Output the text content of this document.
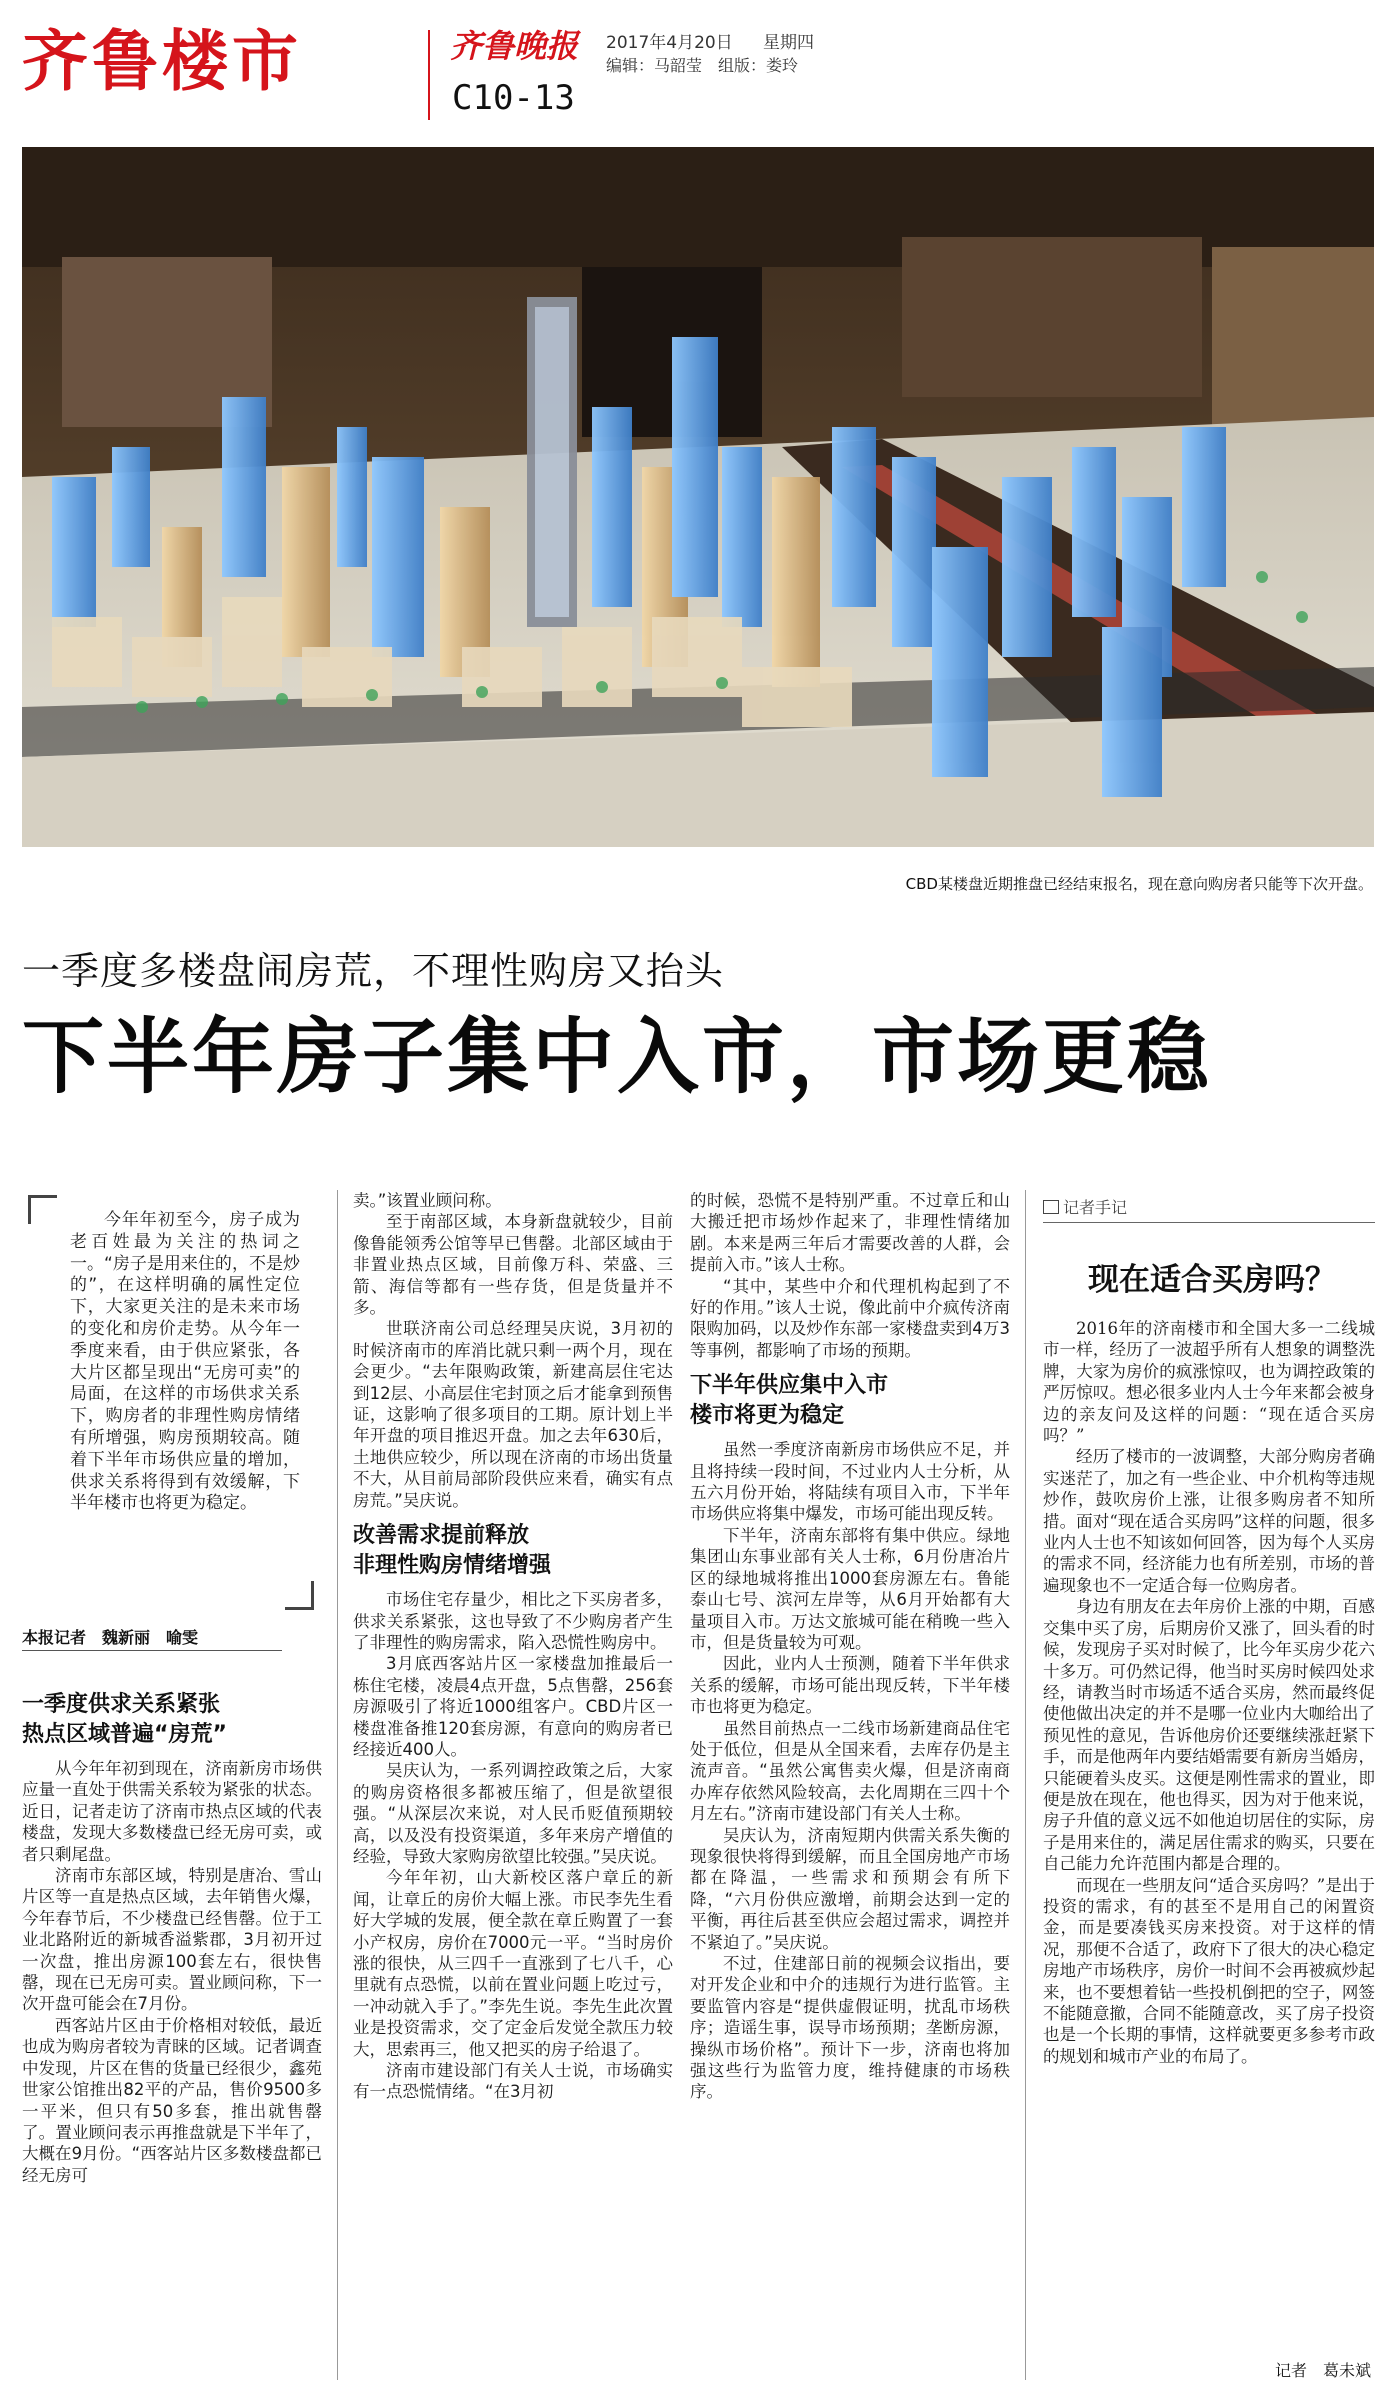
齐鲁楼市	齐鲁晚报 2017年4月20日 星期四
编辑：马韶莹　组版：娄玲
C10-13
CBD某楼盘近期推盘已经结束报名，现在意向购房者只能等下次开盘。
一季度多楼盘闹房荒，不理性购房又抬头
下半年房子集中入市，市场更稳

今年年初至今，房子成为老百姓最为关注的热词之一。“房子是用来住的，不是炒的”，在这样明确的属性定位下，大家更关注的是未来市场的变化和房价走势。从今年一季度来看，由于供应紧张，各大片区都呈现出“无房可卖”的局面，在这样的市场供求关系下，购房者的非理性购房情绪有所增强，购房预期较高。随着下半年市场供应量的增加，供求关系将得到有效缓解，下半年楼市也将更为稳定。

本报记者　魏新丽　喻雯
一季度供求关系紧张
热点区域普遍“房荒”

从今年年初到现在，济南新房市场供应量一直处于供需关系较为紧张的状态。近日，记者走访了济南市热点区域的代表楼盘，发现大多数楼盘已经无房可卖，或者只剩尾盘。

济南市东部区域，特别是唐冶、雪山片区等一直是热点区域，去年销售火爆，今年春节后，不少楼盘已经售罄。位于工业北路附近的新城香溢紫郡，3月初开过一次盘，推出房源100套左右，很快售罄，现在已无房可卖。置业顾问称，下一次开盘可能会在7月份。

西客站片区由于价格相对较低，最近也成为购房者较为青睐的区域。记者调查中发现，片区在售的货量已经很少，鑫苑世家公馆推出82平的产品，售价9500多一平米，但只有50多套，推出就售罄了。置业顾问表示再推盘就是下半年了，大概在9月份。“西客站片区多数楼盘都已经无房可

卖。”该置业顾问称。

至于南部区域，本身新盘就较少，目前像鲁能领秀公馆等早已售罄。北部区域由于非置业热点区域，目前像万科、荣盛、三箭、海信等都有一些存货，但是货量并不多。

世联济南公司总经理吴庆说，3月初的时候济南市的库消比就只剩一两个月，现在会更少。“去年限购政策，新建高层住宅达到12层、小高层住宅封顶之后才能拿到预售证，这影响了很多项目的工期。原计划上半年开盘的项目推迟开盘。加之去年630后，土地供应较少，所以现在济南的市场出货量不大，从目前局部阶段供应来看，确实有点房荒。”吴庆说。

改善需求提前释放
非理性购房情绪增强

市场住宅存量少，相比之下买房者多，供求关系紧张，这也导致了不少购房者产生了非理性的购房需求，陷入恐慌性购房中。

3月底西客站片区一家楼盘加推最后一栋住宅楼，凌晨4点开盘，5点售罄，256套房源吸引了将近1000组客户。CBD片区一楼盘准备推120套房源，有意向的购房者已经接近400人。

吴庆认为，一系列调控政策之后，大家的购房资格很多都被压缩了，但是欲望很强。“从深层次来说，对人民币贬值预期较高，以及没有投资渠道，多年来房产增值的经验，导致大家购房欲望比较强。”吴庆说。

今年年初，山大新校区落户章丘的新闻，让章丘的房价大幅上涨。市民李先生看好大学城的发展，便全款在章丘购置了一套小产权房，房价在7000元一平。“当时房价涨的很快，从三四千一直涨到了七八千，心里就有点恐慌，以前在置业问题上吃过亏，一冲动就入手了。”李先生说。李先生此次置业是投资需求，交了定金后发觉全款压力较大，思索再三，他又把买的房子给退了。

济南市建设部门有关人士说，市场确实有一点恐慌情绪。“在3月初

的时候，恐慌不是特别严重。不过章丘和山大搬迁把市场炒作起来了，非理性情绪加剧。本来是两三年后才需要改善的人群，会提前入市。”该人士称。

“其中，某些中介和代理机构起到了不好的作用。”该人士说，像此前中介疯传济南限购加码，以及炒作东部一家楼盘卖到4万3等事例，都影响了市场的预期。

下半年供应集中入市
楼市将更为稳定

虽然一季度济南新房市场供应不足，并且将持续一段时间，不过业内人士分析，从五六月份开始，将陆续有项目入市，下半年市场供应将集中爆发，市场可能出现反转。

下半年，济南东部将有集中供应。绿地集团山东事业部有关人士称，6月份唐冶片区的绿地城将推出1000套房源左右。鲁能泰山七号、滨河左岸等，从6月开始都有大量项目入市。万达文旅城可能在稍晚一些入市，但是货量较为可观。

因此，业内人士预测，随着下半年供求关系的缓解，市场可能出现反转，下半年楼市也将更为稳定。

虽然目前热点一二线市场新建商品住宅处于低位，但是从全国来看，去库存仍是主流声音。“虽然公寓售卖火爆，但是济南商办库存依然风险较高，去化周期在三四十个月左右。”济南市建设部门有关人士称。

吴庆认为，济南短期内供需关系失衡的现象很快将得到缓解，而且全国房地产市场都在降温，一些需求和预期会有所下降，“六月份供应激增，前期会达到一定的平衡，再往后甚至供应会超过需求，调控并不紧迫了。”吴庆说。

不过，住建部日前的视频会议指出，要对开发企业和中介的违规行为进行监管。主要监管内容是“提供虚假证明，扰乱市场秩序；造谣生事，误导市场预期；垄断房源，操纵市场价格”。预计下一步，济南也将加强这些行为监管力度，维持健康的市场秩序。

记者手记
现在适合买房吗？

2016年的济南楼市和全国大多一二线城市一样，经历了一波超乎所有人想象的调整洗牌，大家为房价的疯涨惊叹，也为调控政策的严厉惊叹。想必很多业内人士今年来都会被身边的亲友问及这样的问题：“现在适合买房吗？”

经历了楼市的一波调整，大部分购房者确实迷茫了，加之有一些企业、中介机构等违规炒作，鼓吹房价上涨，让很多购房者不知所措。面对“现在适合买房吗”这样的问题，很多业内人士也不知该如何回答，因为每个人买房的需求不同，经济能力也有所差别，市场的普遍现象也不一定适合每一位购房者。

身边有朋友在去年房价上涨的中期，百感交集中买了房，后期房价又涨了，回头看的时候，发现房子买对时候了，比今年买房少花六十多万。可仍然记得，他当时买房时候四处求经，请教当时市场适不适合买房，然而最终促使他做出决定的并不是哪一位业内大咖给出了预见性的意见，告诉他房价还要继续涨赶紧下手，而是他两年内要结婚需要有新房当婚房，只能硬着头皮买。这便是刚性需求的置业，即便是放在现在，他也得买，因为对于他来说，房子升值的意义远不如他迫切居住的实际，房子是用来住的，满足居住需求的购买，只要在自己能力允许范围内都是合理的。

而现在一些朋友问“适合买房吗？”是出于投资的需求，有的甚至不是用自己的闲置资金，而是要凑钱买房来投资。对于这样的情况，那便不合适了，政府下了很大的决心稳定房地产市场秩序，房价一时间不会再被疯炒起来，也不要想着钻一些投机倒把的空子，网签不能随意撤，合同不能随意改，买了房子投资也是一个长期的事情，这样就要更多参考市政的规划和城市产业的布局了。

记者　葛未斌
